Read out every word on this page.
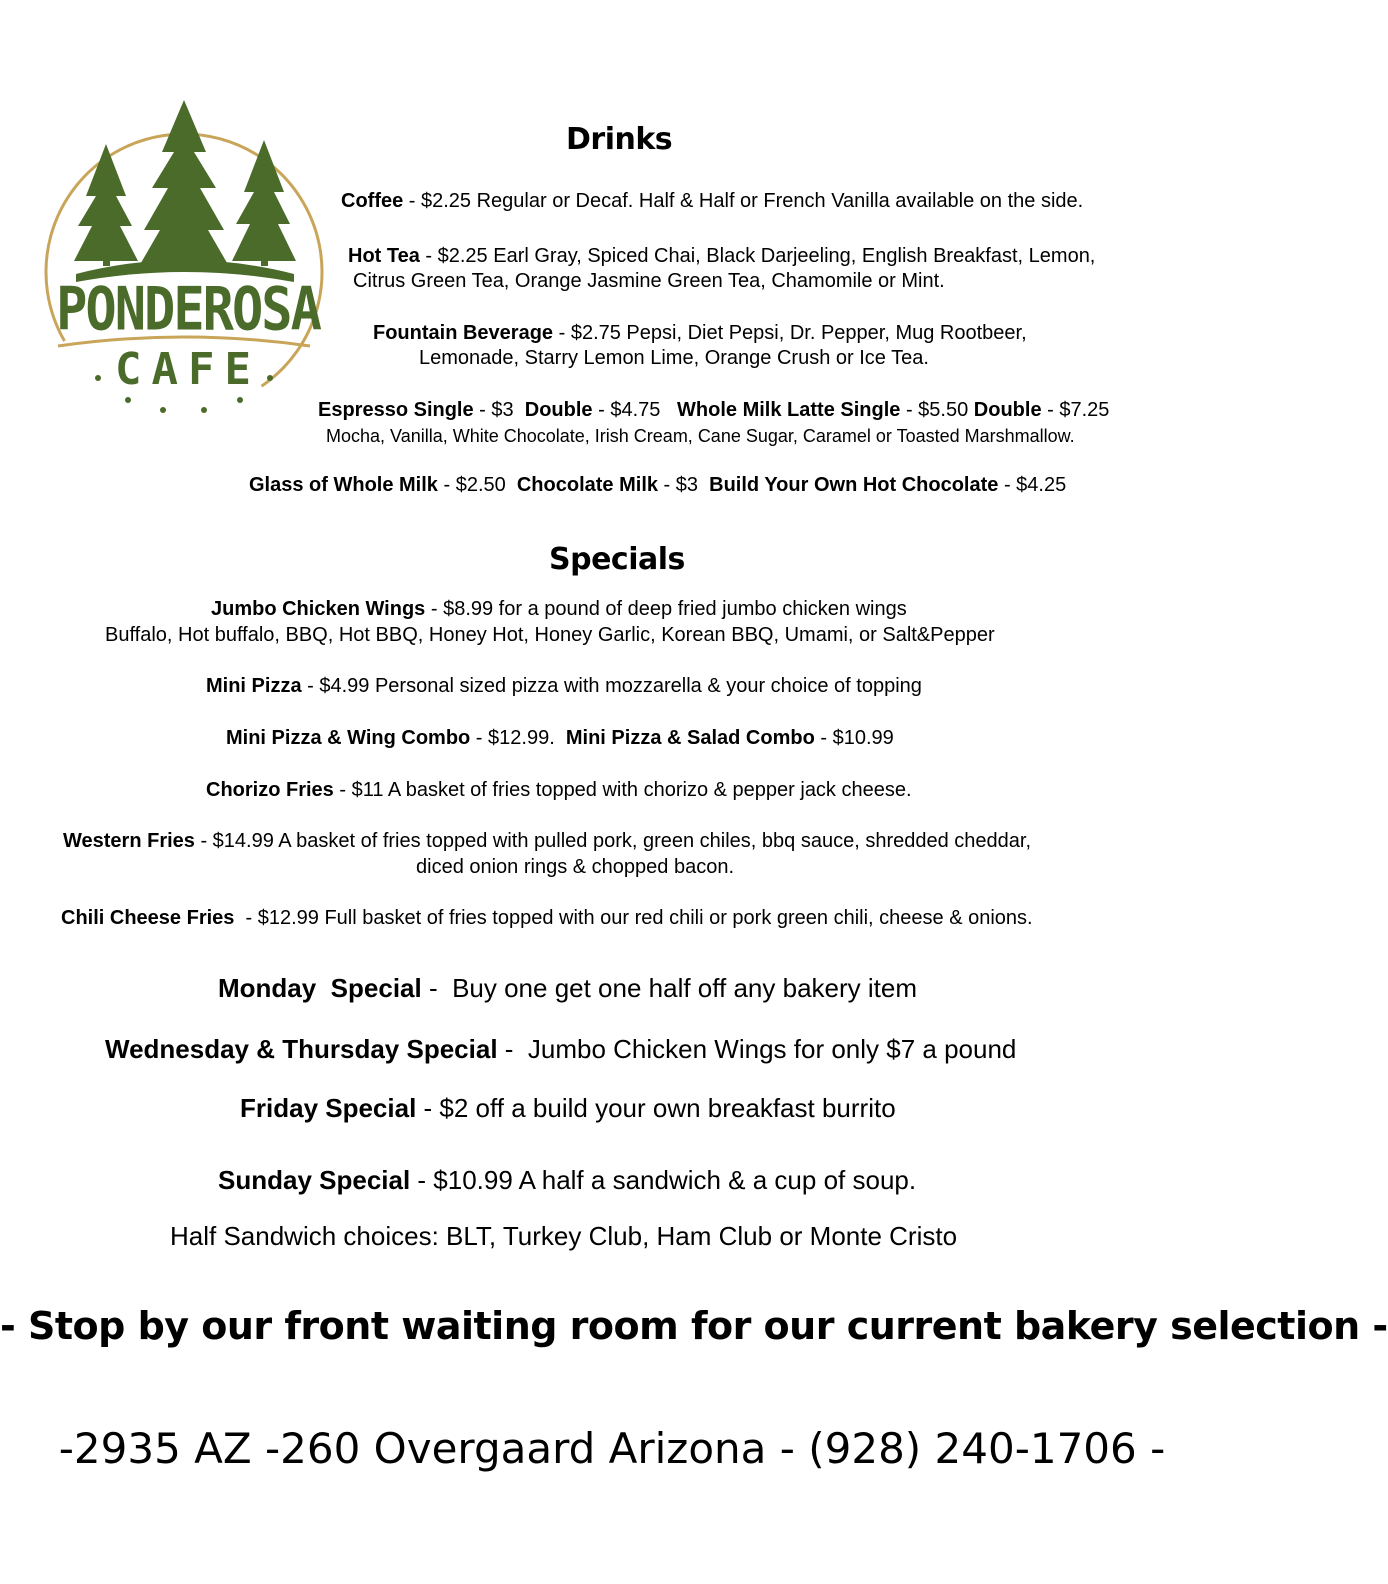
PONDEROSA
CAFE
Drinks
Coffee - $2.25 Regular or Decaf. Half & Half or French Vanilla available on the side.
Hot Tea - $2.25 Earl Gray, Spiced Chai, Black Darjeeling, English Breakfast, Lemon,
Citrus Green Tea, Orange Jasmine Green Tea, Chamomile or Mint.
Fountain Beverage - $2.75 Pepsi, Diet Pepsi, Dr. Pepper, Mug Rootbeer,
Lemonade, Starry Lemon Lime, Orange Crush or Ice Tea.
Espresso Single - $3  Double - $4.75   Whole Milk Latte Single - $5.50 Double - $7.25
Mocha, Vanilla, White Chocolate, Irish Cream, Cane Sugar, Caramel or Toasted Marshmallow.
Glass of Whole Milk - $2.50  Chocolate Milk - $3  Build Your Own Hot Chocolate - $4.25
Specials
Jumbo Chicken Wings - $8.99 for a pound of deep fried jumbo chicken wings
Buffalo, Hot buffalo, BBQ, Hot BBQ, Honey Hot, Honey Garlic, Korean BBQ, Umami, or Salt&Pepper
Mini Pizza - $4.99 Personal sized pizza with mozzarella & your choice of topping
Mini Pizza & Wing Combo - $12.99.  Mini Pizza & Salad Combo - $10.99
Chorizo Fries - $11 A basket of fries topped with chorizo & pepper jack cheese.
Western Fries - $14.99 A basket of fries topped with pulled pork, green chiles, bbq sauce, shredded cheddar,
diced onion rings & chopped bacon.
Chili Cheese Fries  - $12.99 Full basket of fries topped with our red chili or pork green chili, cheese & onions.
Monday  Special -  Buy one get one half off any bakery item
Wednesday & Thursday Special -  Jumbo Chicken Wings for only $7 a pound
Friday Special - $2 off a build your own breakfast burrito
Sunday Special - $10.99 A half a sandwich & a cup of soup.
Half Sandwich choices: BLT, Turkey Club, Ham Club or Monte Cristo
- Stop by our front waiting room for our current bakery selection -
-2935 AZ -260 Overgaard Arizona - (928) 240-1706 -
